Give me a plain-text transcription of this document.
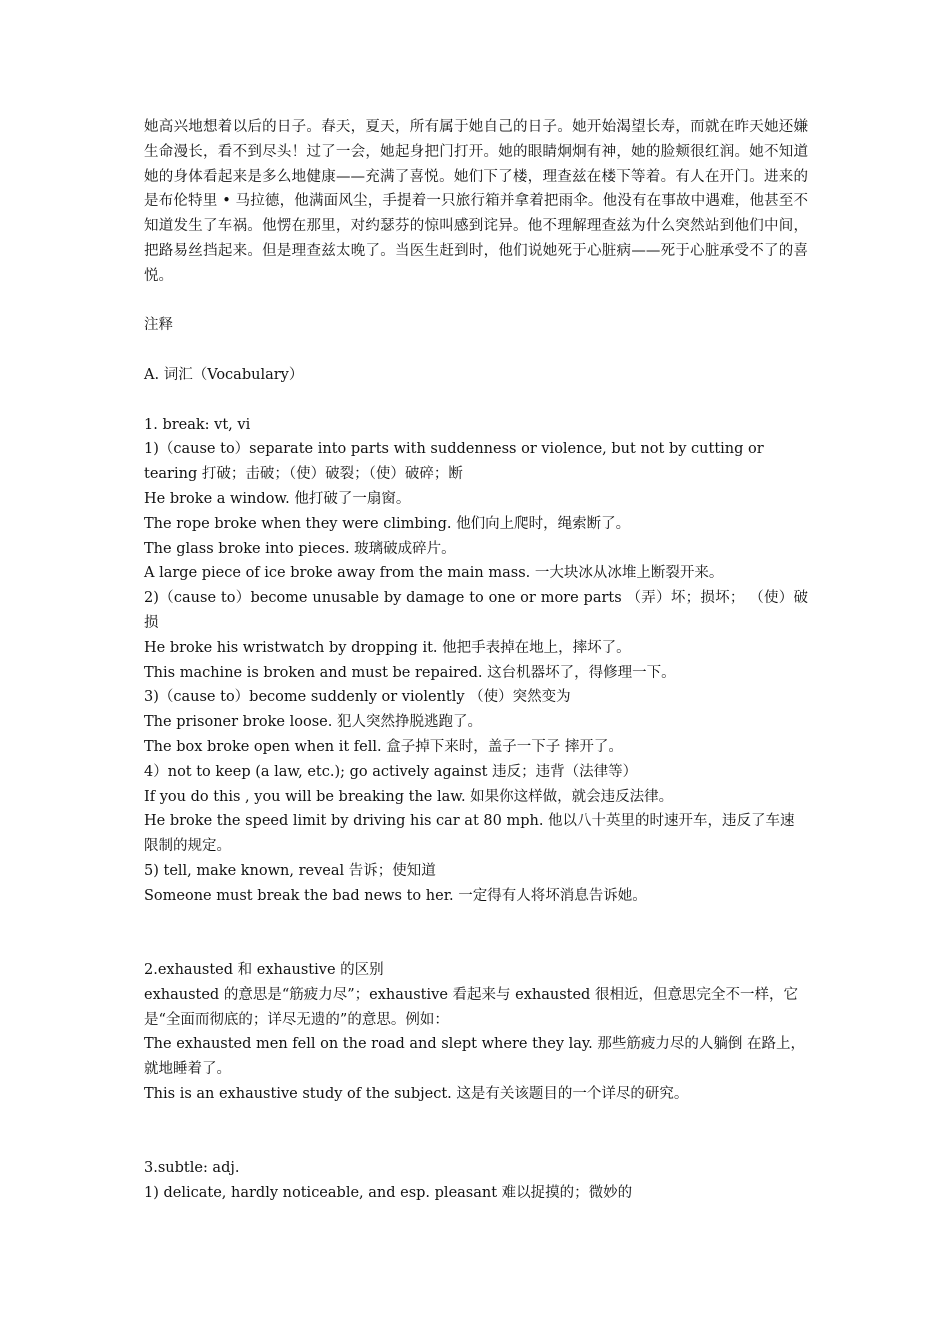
她高兴地想着以后的日子。春天，夏天，所有属于她自己的日子。她开始渴望长寿，而就在昨天她还嫌生命漫长，看不到尽头！过了一会，她起身把门打开。她的眼睛炯炯有神，她的脸颊很红润。她不知道她的身体看起来是多么地健康——充满了喜悦。她们下了楼，理查兹在楼下等着。有人在开门。进来的是布伦特里 • 马拉德，他满面风尘，手提着一只旅行箱并拿着把雨伞。他没有在事故中遇难，他甚至不知道发生了车祸。他愣在那里，对约瑟芬的惊叫感到诧异。他不理解理查兹为什么突然站到他们中间，把路易丝挡起来。但是理查兹太晚了。当医生赶到时，他们说她死于心脏病——死于心脏承受不了的喜悦。

注释

A. 词汇（Vocabulary）

1. break: vt, vi

1)（cause to）separate into parts with suddenness or violence, but not by cutting or tearing 打破；击破；（使）破裂；（使）破碎；断

He broke a window. 他打破了一扇窗。

The rope broke when they were climbing. 他们向上爬时，绳索断了。

The glass broke into pieces. 玻璃破成碎片。

A large piece of ice broke away from the main mass. 一大块冰从冰堆上断裂开来。

2)（cause to）become unusable by damage to one or more parts （弄）坏；损坏； （使）破损

He broke his wristwatch by dropping it. 他把手表掉在地上，摔坏了。

This machine is broken and must be repaired. 这台机器坏了，得修理一下。

3)（cause to）become suddenly or violently （使）突然变为

The prisoner broke loose. 犯人突然挣脱逃跑了。

The box broke open when it fell. 盒子掉下来时，盖子一下子 摔开了。

4）not to keep (a law, etc.); go actively against 违反；违背（法律等）

If you do this , you will be breaking the law. 如果你这样做，就会违反法律。

He broke the speed limit by driving his car at 80 mph. 他以八十英里的时速开车，违反了车速限制的规定。

5) tell, make known, reveal 告诉；使知道

Someone must break the bad news to her. 一定得有人将坏消息告诉她。

2.exhausted 和 exhaustive 的区别

exhausted 的意思是“筋疲力尽”；exhaustive 看起来与 exhausted 很相近，但意思完全不一样，它是“全面而彻底的；详尽无遗的”的意思。例如：

The exhausted men fell on the road and slept where they lay. 那些筋疲力尽的人躺倒 在路上，就地睡着了。

This is an exhaustive study of the subject. 这是有关该题目的一个详尽的研究。

3.subtle: adj.

1) delicate, hardly noticeable, and esp. pleasant 难以捉摸的；微妙的
